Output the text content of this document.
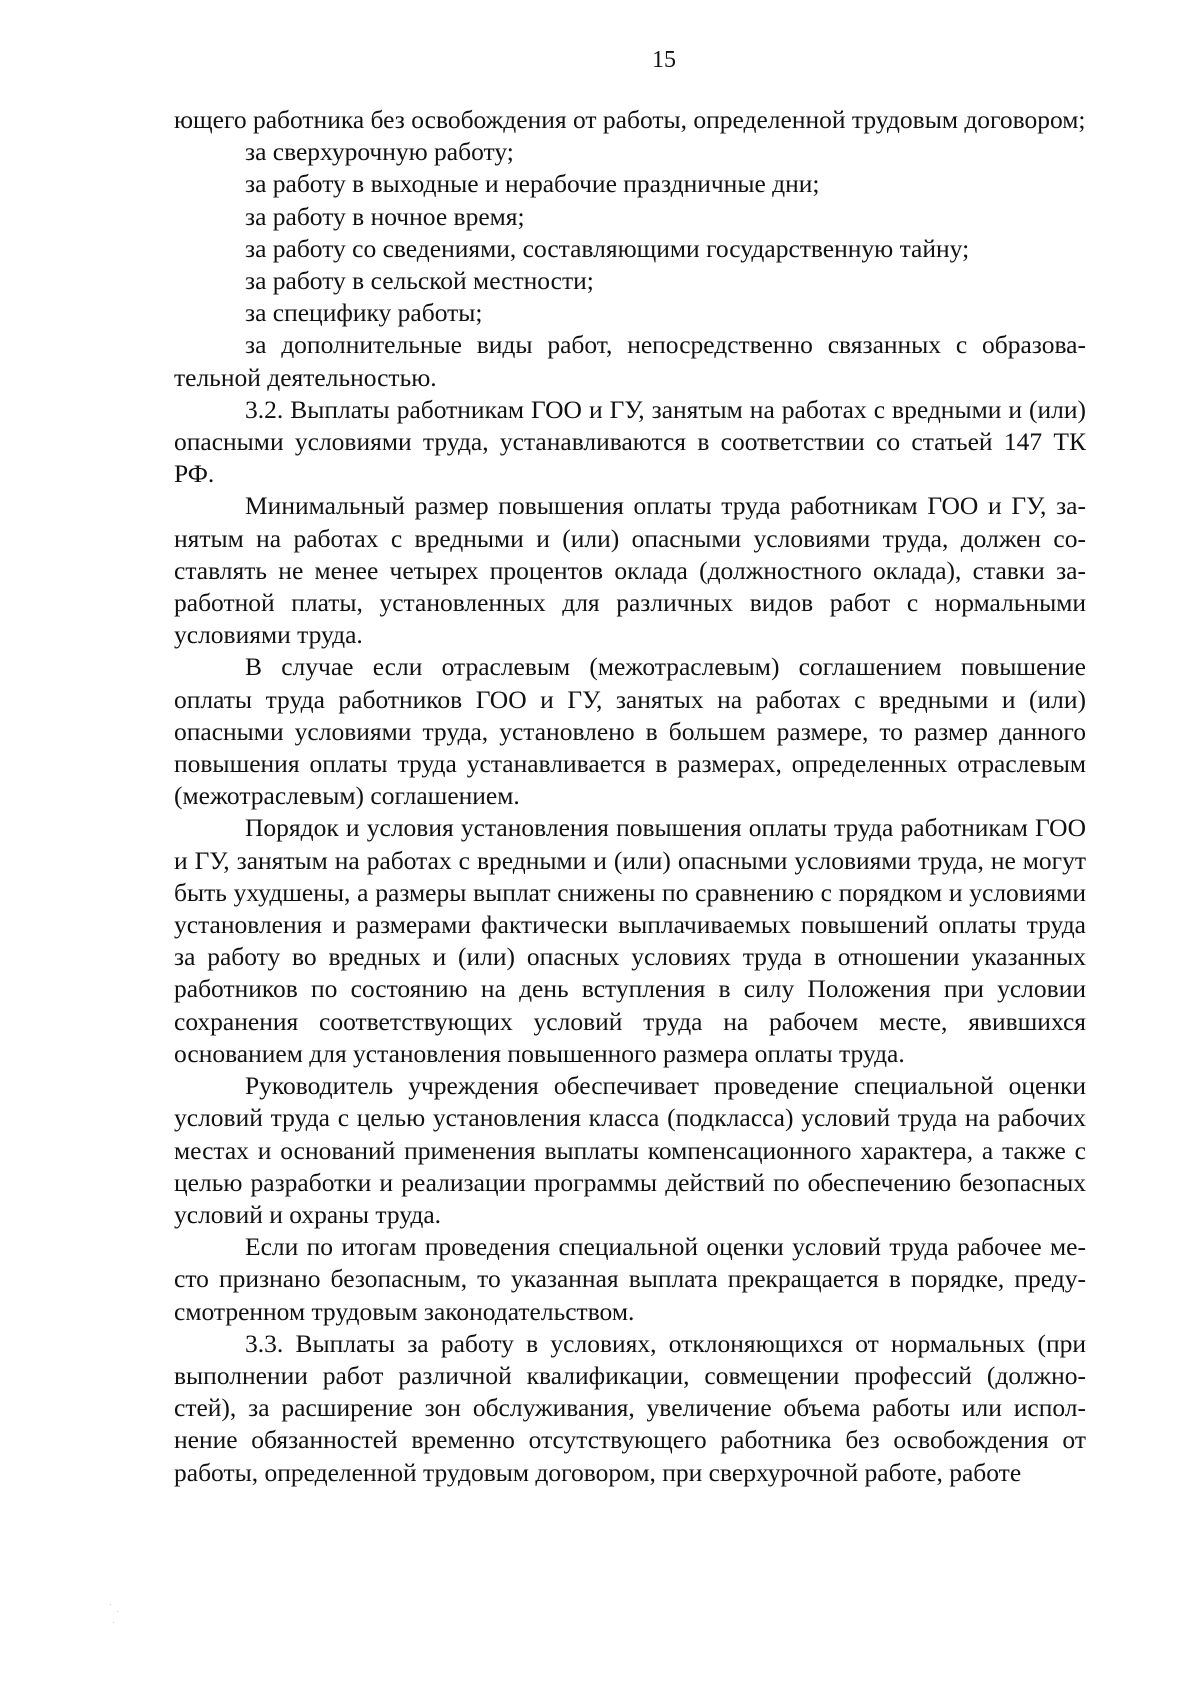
15

ющего работника без освобождения от работы, определенной трудовым договором;

за сверхурочную работу;

за работу в выходные и нерабочие праздничные дни;

за работу в ночное время;

за работу со сведениями, составляющими государственную тайну;

за работу в сельской местности;

за специфику работы;

за дополнительные виды работ, непосредственно связанных с образовательной деятельностью.

3.2. Выплаты работникам ГОО и ГУ, занятым на работах с вредными и (или) опасными условиями труда, устанавливаются в соответствии со статьей 147 ТК РФ.

Минимальный размер повышения оплаты труда работникам ГОО и ГУ, занятым на работах с вредными и (или) опасными условиями труда, должен составлять не менее четырех процентов оклада (должностного оклада), ставки заработной платы, установленных для различных видов работ с нормальными условиями труда.

В случае если отраслевым (межотраслевым) соглашением повышение оплаты труда работников ГОО и ГУ, занятых на работах с вредными и (или) опасными условиями труда, установлено в большем размере, то размер данного повышения оплаты труда устанавливается в размерах, определенных отраслевым (межотраслевым) соглашением.

Порядок и условия установления повышения оплаты труда работникам ГОО и ГУ, занятым на работах с вредными и (или) опасными условиями труда, не могут быть ухудшены, а размеры выплат снижены по сравнению с порядком и условиями установления и размерами фактически выплачиваемых повышений оплаты труда за работу во вредных и (или) опасных условиях труда в отношении указанных работников по состоянию на день вступления в силу Положения при условии сохранения соответствующих условий труда на рабочем месте, явившихся основанием для установления повышенного размера оплаты труда.

Руководитель учреждения обеспечивает проведение специальной оценки условий труда с целью установления класса (подкласса) условий труда на рабочих местах и оснований применения выплаты компенсационного характера, а также с целью разработки и реализации программы действий по обеспечению безопасных условий и охраны труда.

Если по итогам проведения специальной оценки условий труда рабочее место признано безопасным, то указанная выплата прекращается в порядке, предусмотренном трудовым законодательством.

3.3. Выплаты за работу в условиях, отклоняющихся от нормальных (при выполнении работ различной квалификации, совмещении профессий (должностей), за расширение зон обслуживания, увеличение объема работы или исполнение обязанностей временно отсутствующего работника без освобождения от работы, определенной трудовым договором, при сверхурочной работе, работе
